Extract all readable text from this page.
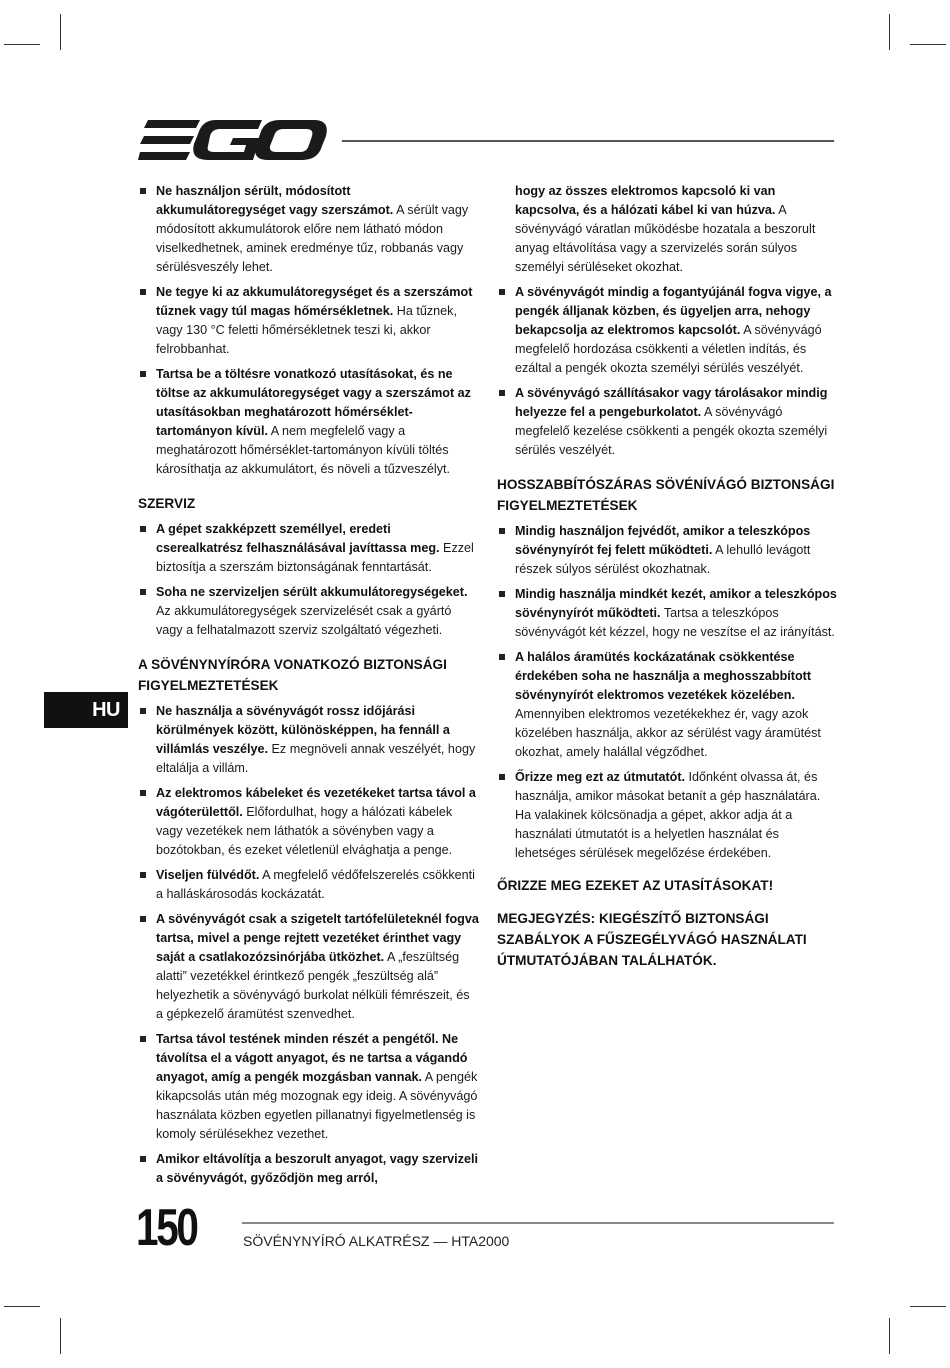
HU
Ne használjon sérült, módosított akkumulátoregységet vagy szerszámot. A sérült vagy módosított akkumulátorok előre nem látható módon viselkedhetnek, aminek eredménye tűz, robbanás vagy sérülésveszély lehet.
Ne tegye ki az akkumulátoregységet és a szerszámot tűznek vagy túl magas hőmérsékletnek. Ha tűznek, vagy 130 °C feletti hőmérsékletnek teszi ki, akkor felrobbanhat.
Tartsa be a töltésre vonatkozó utasításokat, és ne töltse az akkumulátoregységet vagy a szerszámot az utasításokban meghatározott hőmérséklet-tartományon kívül. A nem megfelelő vagy a meghatározott hőmérséklet-tartományon kívüli töltés károsíthatja az akkumulátort, és növeli a tűzveszélyt.
SZERVIZ
A gépet szakképzett személlyel, eredeti cserealkatrész felhasználásával javíttassa meg. Ezzel biztosítja a szerszám biztonságának fenntartását.
Soha ne szervizeljen sérült akkumulátoregységeket. Az akkumulátoregységek szervizelését csak a gyártó vagy a felhatalmazott szerviz szolgáltató végezheti.
A SÖVÉNYNYÍRÓRA VONATKOZÓ BIZTONSÁGI FIGYELMEZTETÉSEK
Ne használja a sövényvágót rossz időjárási körülmények között, különösképpen, ha fennáll a villámlás veszélye. Ez megnöveli annak veszélyét, hogy eltalálja a villám.
Az elektromos kábeleket és vezetékeket tartsa távol a vágóterülettől. Előfordulhat, hogy a hálózati kábelek vagy vezetékek nem láthatók a sövényben vagy a bozótokban, és ezeket véletlenül elvághatja a penge.
Viseljen fülvédőt. A megfelelő védőfelszerelés csökkenti a halláskárosodás kockázatát.
A sövényvágót csak a szigetelt tartófelületeknél fogva tartsa, mivel a penge rejtett vezetéket érinthet vagy saját a csatlakozózsinórjába ütközhet. A „feszültség alatti” vezetékkel érintkező pengék „feszültség alá” helyezhetik a sövényvágó burkolat nélküli fémrészeit, és a gépkezelő áramütést szenvedhet.
Tartsa távol testének minden részét a pengétől. Ne távolítsa el a vágott anyagot, és ne tartsa a vágandó anyagot, amíg a pengék mozgásban vannak. A pengék kikapcsolás után még mozognak egy ideig. A sövényvágó használata közben egyetlen pillanatnyi figyelmetlenség is komoly sérülésekhez vezethet.
Amikor eltávolítja a beszorult anyagot, vagy szervizeli a sövényvágót, győződjön meg arról,

hogy az összes elektromos kapcsoló ki van kapcsolva, és a hálózati kábel ki van húzva. A sövényvágó váratlan működésbe hozatala a beszorult anyag eltávolítása vagy a szervizelés során súlyos személyi sérüléseket okozhat.

A sövényvágót mindig a fogantyújánál fogva vigye, a pengék álljanak közben, és ügyeljen arra, nehogy bekapcsolja az elektromos kapcsolót. A sövényvágó megfelelő hordozása csökkenti a véletlen indítás, és ezáltal a pengék okozta személyi sérülés veszélyét.
A sövényvágó szállításakor vagy tárolásakor mindig helyezze fel a pengeburkolatot. A sövényvágó megfelelő kezelése csökkenti a pengék okozta személyi sérülés veszélyét.
HOSSZABBÍTÓSZÁRAS SÖVÉNÍVÁGÓ BIZTONSÁGI FIGYELMEZTETÉSEK
Mindig használjon fejvédőt, amikor a teleszkópos sövénynyírót fej felett működteti. A lehulló levágott részek súlyos sérülést okozhatnak.
Mindig használja mindkét kezét, amikor a teleszkópos sövénynyírót működteti. Tartsa a teleszkópos sövényvágót két kézzel, hogy ne veszítse el az irányítást.
A halálos áramütés kockázatának csökkentése érdekében soha ne használja a meghosszabbított sövénynyírót elektromos vezetékek közelében. Amennyiben elektromos vezetékekhez ér, vagy azok közelében használja, akkor az sérülést vagy áramütést okozhat, amely halállal végződhet.
Őrizze meg ezt az útmutatót. Időnként olvassa át, és használja, amikor másokat betanít a gép használatára. Ha valakinek kölcsönadja a gépet, akkor adja át a használati útmutatót is a helyetlen használat és lehetséges sérülések megelőzése érdekében.
ŐRIZZE MEG EZEKET AZ UTASÍTÁSOKAT!
MEGJEGYZÉS: KIEGÉSZÍTŐ BIZTONSÁGI SZABÁLYOK A FŰSZEGÉLYVÁGÓ HASZNÁLATI ÚTMUTATÓJÁBAN TALÁLHATÓK.
150	SÖVÉNYNYÍRÓ ALKATRÉSZ — HTA2000
